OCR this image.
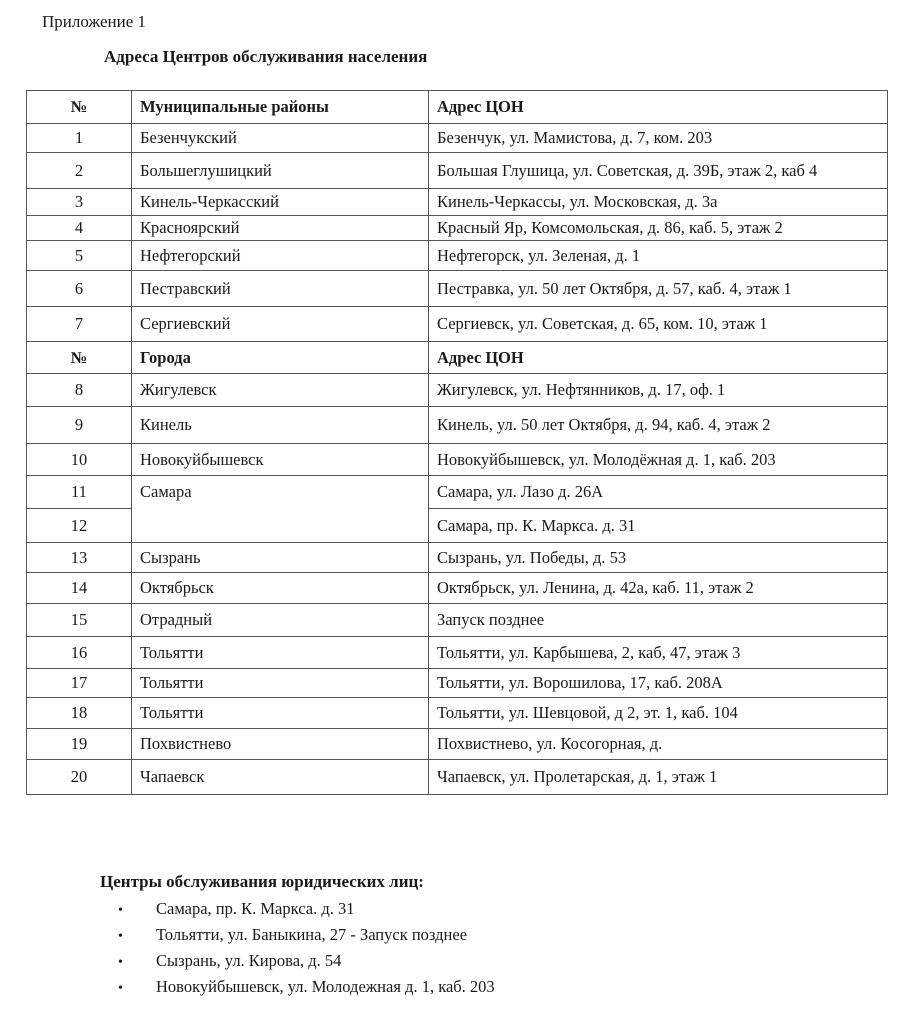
Приложение 1
Адреса Центров обслуживания населения
№	Муниципальные районы	Адрес ЦОН
1	Безенчукский	Безенчук, ул. Мамистова, д. 7, ком. 203
2	Большеглушицкий	Большая Глушица, ул. Советская, д. 39Б, этаж 2, каб 4
3	Кинель-Черкасский	Кинель-Черкассы, ул. Московская, д. 3а
4	Красноярский	Красный Яр, Комсомольская, д. 86, каб. 5, этаж 2
5	Нефтегорский	Нефтегорск, ул. Зеленая, д. 1
6	Пестравский	Пестравка, ул. 50 лет Октября, д. 57, каб. 4, этаж 1
7	Сергиевский	Сергиевск, ул. Советская, д. 65, ком. 10, этаж 1
№	Города	Адрес ЦОН
8	Жигулевск	Жигулевск, ул. Нефтянников, д. 17, оф. 1
9	Кинель	Кинель, ул. 50 лет Октября, д. 94, каб. 4, этаж 2
10	Новокуйбышевск	Новокуйбышевск, ул. Молодёжная д. 1, каб. 203
11	Самара	Самара, ул. Лазо д. 26А
12		Самара, пр. К. Маркса. д. 31
13	Сызрань	Сызрань, ул. Победы, д. 53
14	Октябрьск	Октябрьск, ул. Ленина, д. 42а, каб. 11, этаж 2
15	Отрадный	Запуск позднее
16	Тольятти	Тольятти, ул. Карбышева, 2, каб, 47, этаж 3
17	Тольятти	Тольятти, ул. Ворошилова, 17, каб. 208А
18	Тольятти	Тольятти, ул. Шевцовой, д 2, эт. 1, каб. 104
19	Похвистнево	Похвистнево, ул. Косогорная, д.
20	Чапаевск	Чапаевск, ул. Пролетарская, д. 1, этаж 1
Центры обслуживания юридических лиц:
• Самара, пр. К. Маркса. д. 31
• Тольятти, ул. Баныкина, 27 - Запуск позднее
• Сызрань, ул. Кирова, д. 54
• Новокуйбышевск, ул. Молодежная д. 1, каб. 203
